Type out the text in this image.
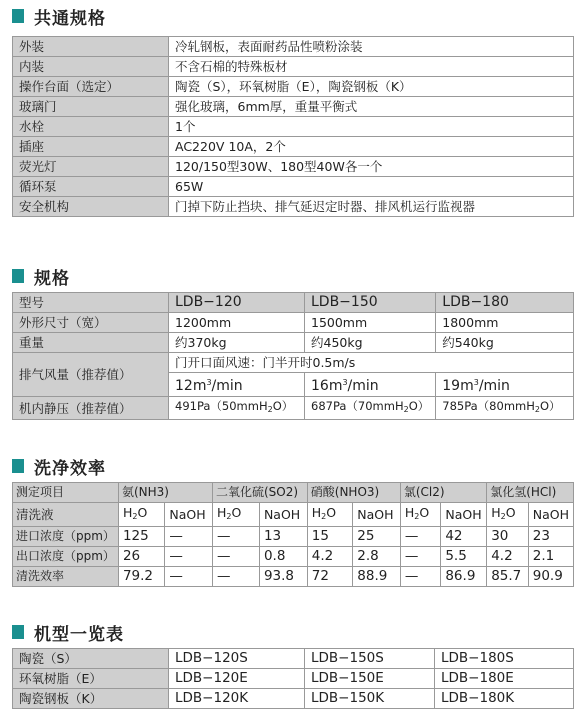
共通规格
外装	冷轧钢板，表面耐药品性喷粉涂装
内装	不含石棉的特殊板材
操作台面（选定）	陶瓷（S），环氧树脂（E），陶瓷钢板（K）
玻璃门	强化玻璃，6mm厚，重量平衡式
水栓	1个
插座	AC220V 10A，2个
荧光灯	120/150型30W、180型40W各一个
循环泵	65W
安全机构	门掉下防止挡块、排气延迟定时器、排风机运行监视器
规格
型号	LDB−120	LDB−150	LDB−180
外形尺寸（宽）	1200mm	1500mm	1800mm
重量	约370kg	约450kg	约540kg
排气风量（推荐值）	门开口面风速：门半开时0.5m/s		
	$12m^3/\min$	$16m^3/\min$	$19m^3/\min$
机内静压（推荐值）	491Pa（50mmH$_2$O）	687Pa（70mmH$_2$O）	785Pa（80mmH$_2$O）
洗净效率
测定项目	氨(NH3)		二氧化硫(SO2)		硝酸(NHO3)		氯(Cl2)		氯化氢(HCl)	
清洗液	$H_2O$	NaOH	$H_2O$	NaOH	$H_2O$	NaOH	$H_2O$	NaOH	$H_2O$	NaOH
进口浓度（ppm）	125	—	—	13	15	25	—	42	30	23
出口浓度（ppm）	26	—	—	0.8	4.2	2.8	—	5.5	4.2	2.1
清洗效率	79.2	—	—	93.8	72	88.9	—	86.9	85.7	90.9
机型一览表
陶瓷（S）	LDB−120S	LDB−150S	LDB−180S
环氧树脂（E）	LDB−120E	LDB−150E	LDB−180E
陶瓷钢板（K）	LDB−120K	LDB−150K	LDB−180K
